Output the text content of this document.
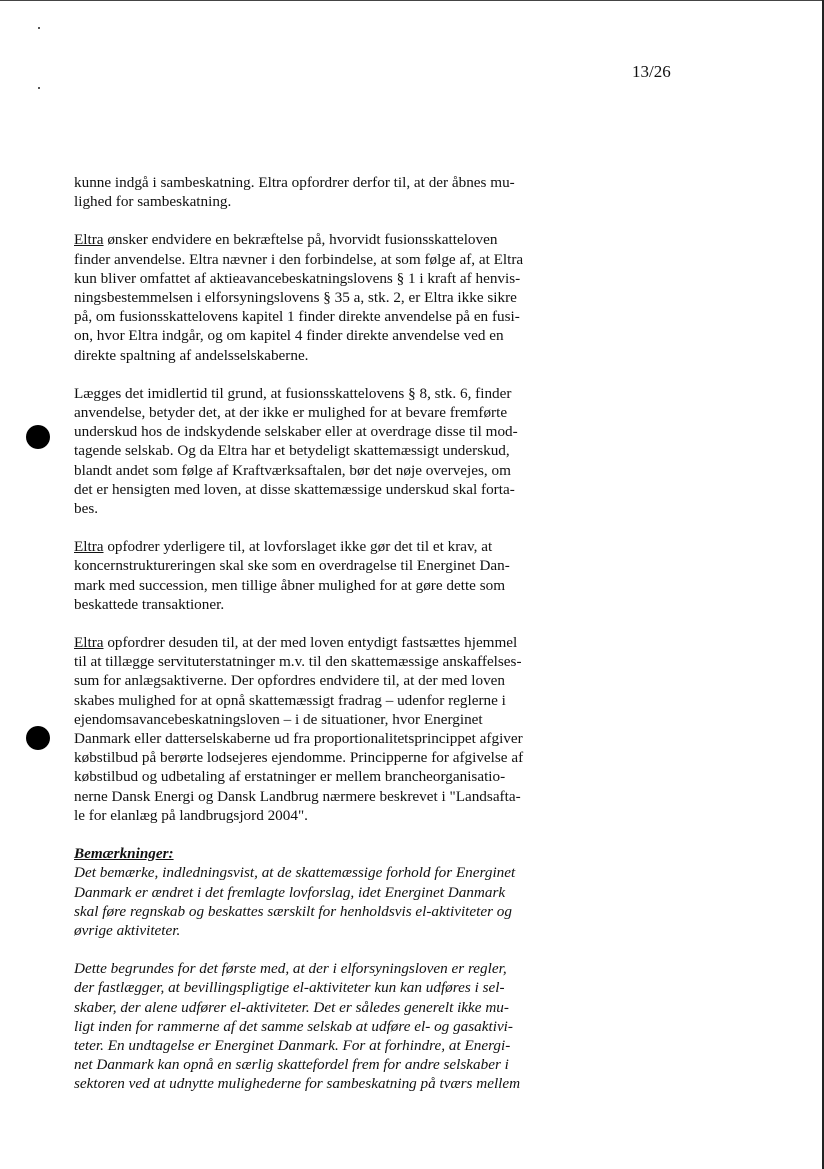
13/26

kunne indgå i sambeskatning. Eltra opfordrer derfor til, at der åbnes mu-
lighed for sambeskatning.

Eltra ønsker endvidere en bekræftelse på, hvorvidt fusionsskatteloven
finder anvendelse. Eltra nævner i den forbindelse, at som følge af, at Eltra
kun bliver omfattet af aktieavancebeskatningslovens § 1 i kraft af henvis-
ningsbestemmelsen i elforsyningslovens § 35 a, stk. 2, er Eltra ikke sikre
på, om fusionsskattelovens kapitel 1 finder direkte anvendelse på en fusi-
on, hvor Eltra indgår, og om kapitel 4 finder direkte anvendelse ved en
direkte spaltning af andelsselskaberne.

Lægges det imidlertid til grund, at fusionsskattelovens § 8, stk. 6, finder
anvendelse, betyder det, at der ikke er mulighed for at bevare fremførte
underskud hos de indskydende selskaber eller at overdrage disse til mod-
tagende selskab. Og da Eltra har et betydeligt skattemæssigt underskud,
blandt andet som følge af Kraftværksaftalen, bør det nøje overvejes, om
det er hensigten med loven, at disse skattemæssige underskud skal forta-
bes.

Eltra opfodrer yderligere til, at lovforslaget ikke gør det til et krav, at
koncernstruktureringen skal ske som en overdragelse til Energinet Dan-
mark med succession, men tillige åbner mulighed for at gøre dette som
beskattede transaktioner.

Eltra opfordrer desuden til, at der med loven entydigt fastsættes hjemmel
til at tillægge servituterstatninger m.v. til den skattemæssige anskaffelses-
sum for anlægsaktiverne. Der opfordres endvidere til, at der med loven
skabes mulighed for at opnå skattemæssigt fradrag – udenfor reglerne i
ejendomsavancebeskatningsloven – i de situationer, hvor Energinet
Danmark eller datterselskaberne ud fra proportionalitetsprincippet afgiver
købstilbud på berørte lodsejeres ejendomme. Principperne for afgivelse af
købstilbud og udbetaling af erstatninger er mellem brancheorganisatio-
nerne Dansk Energi og Dansk Landbrug nærmere beskrevet i "Landsafta-
le for elanlæg på landbrugsjord 2004".

Bemærkninger:
Det bemærke, indledningsvist, at de skattemæssige forhold for Energinet
Danmark er ændret i det fremlagte lovforslag, idet Energinet Danmark
skal føre regnskab og beskattes særskilt for henholdsvis el-aktiviteter og
øvrige aktiviteter.

Dette begrundes for det første med, at der i elforsyningsloven er regler,
der fastlægger, at bevillingspligtige el-aktiviteter kun kan udføres i sel-
skaber, der alene udfører el-aktiviteter. Det er således generelt ikke mu-
ligt inden for rammerne af det samme selskab at udføre el- og gasaktivi-
teter. En undtagelse er Energinet Danmark. For at forhindre, at Energi-
net Danmark kan opnå en særlig skattefordel frem for andre selskaber i
sektoren ved at udnytte mulighederne for sambeskatning på tværs mellem
